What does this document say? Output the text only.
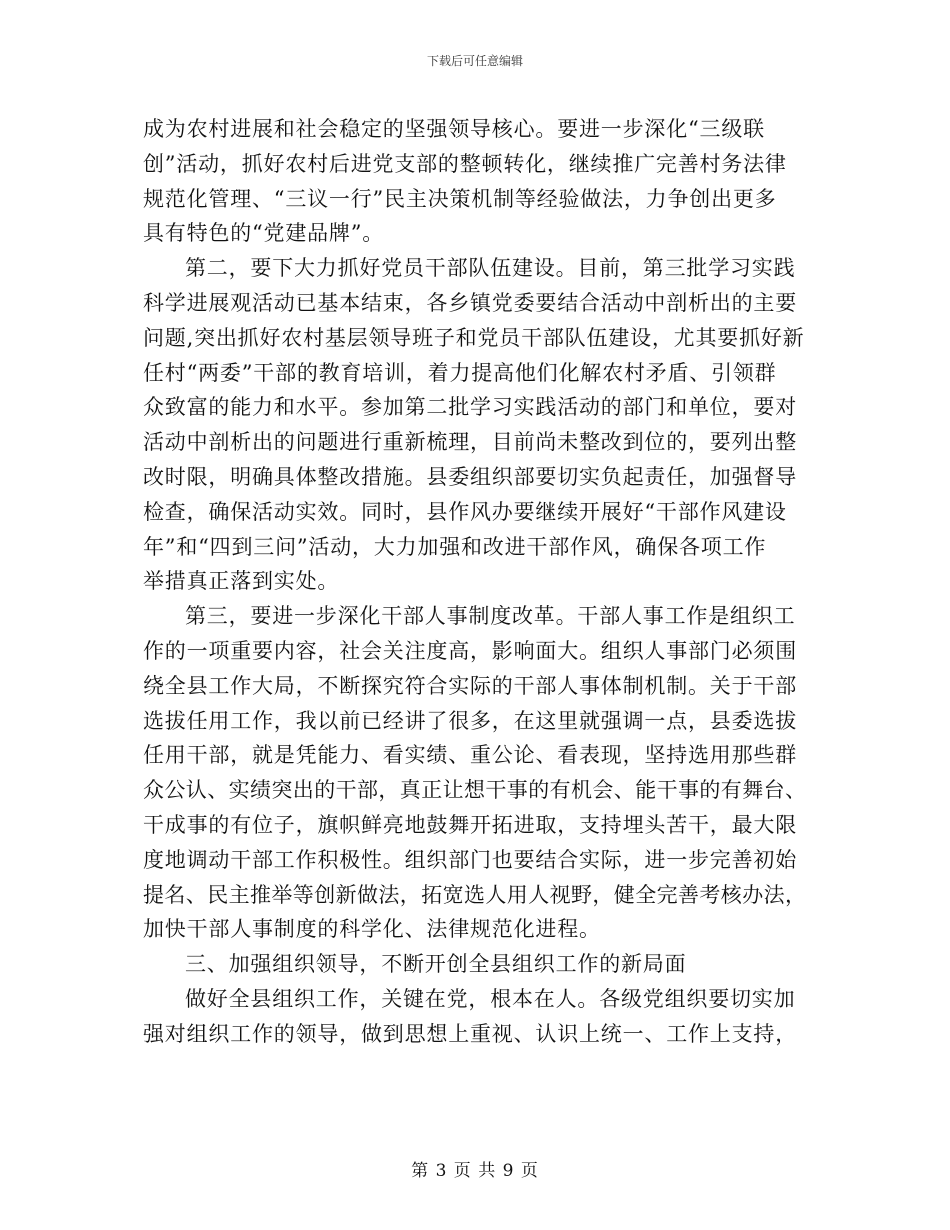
下载后可任意编辑
成为农村进展和社会稳定的坚强领导核心。要进一步深化“三级联
创”活动，抓好农村后进党支部的整顿转化，继续推广完善村务法律
规范化管理、“三议一行”民主决策机制等经验做法，力争创出更多
具有特色的“党建品牌”。
第二，要下大力抓好党员干部队伍建设。目前，第三批学习实践
科学进展观活动已基本结束，各乡镇党委要结合活动中剖析出的主要
问题,突出抓好农村基层领导班子和党员干部队伍建设，尤其要抓好新
任村“两委”干部的教育培训，着力提高他们化解农村矛盾、引领群
众致富的能力和水平。参加第二批学习实践活动的部门和单位，要对
活动中剖析出的问题进行重新梳理，目前尚未整改到位的，要列出整
改时限，明确具体整改措施。县委组织部要切实负起责任，加强督导
检查，确保活动实效。同时，县作风办要继续开展好“干部作风建设
年”和“四到三问”活动，大力加强和改进干部作风，确保各项工作
举措真正落到实处。
第三，要进一步深化干部人事制度改革。干部人事工作是组织工
作的一项重要内容，社会关注度高，影响面大。组织人事部门必须围
绕全县工作大局，不断探究符合实际的干部人事体制机制。关于干部
选拔任用工作，我以前已经讲了很多，在这里就强调一点，县委选拔
任用干部，就是凭能力、看实绩、重公论、看表现，坚持选用那些群
众公认、实绩突出的干部，真正让想干事的有机会、能干事的有舞台、
干成事的有位子，旗帜鲜亮地鼓舞开拓进取，支持埋头苦干，最大限
度地调动干部工作积极性。组织部门也要结合实际，进一步完善初始
提名、民主推举等创新做法，拓宽选人用人视野，健全完善考核办法，
加快干部人事制度的科学化、法律规范化进程。
三、加强组织领导，不断开创全县组织工作的新局面
做好全县组织工作，关键在党，根本在人。各级党组织要切实加
强对组织工作的领导，做到思想上重视、认识上统一、工作上支持，
第 3 页 共 9 页
